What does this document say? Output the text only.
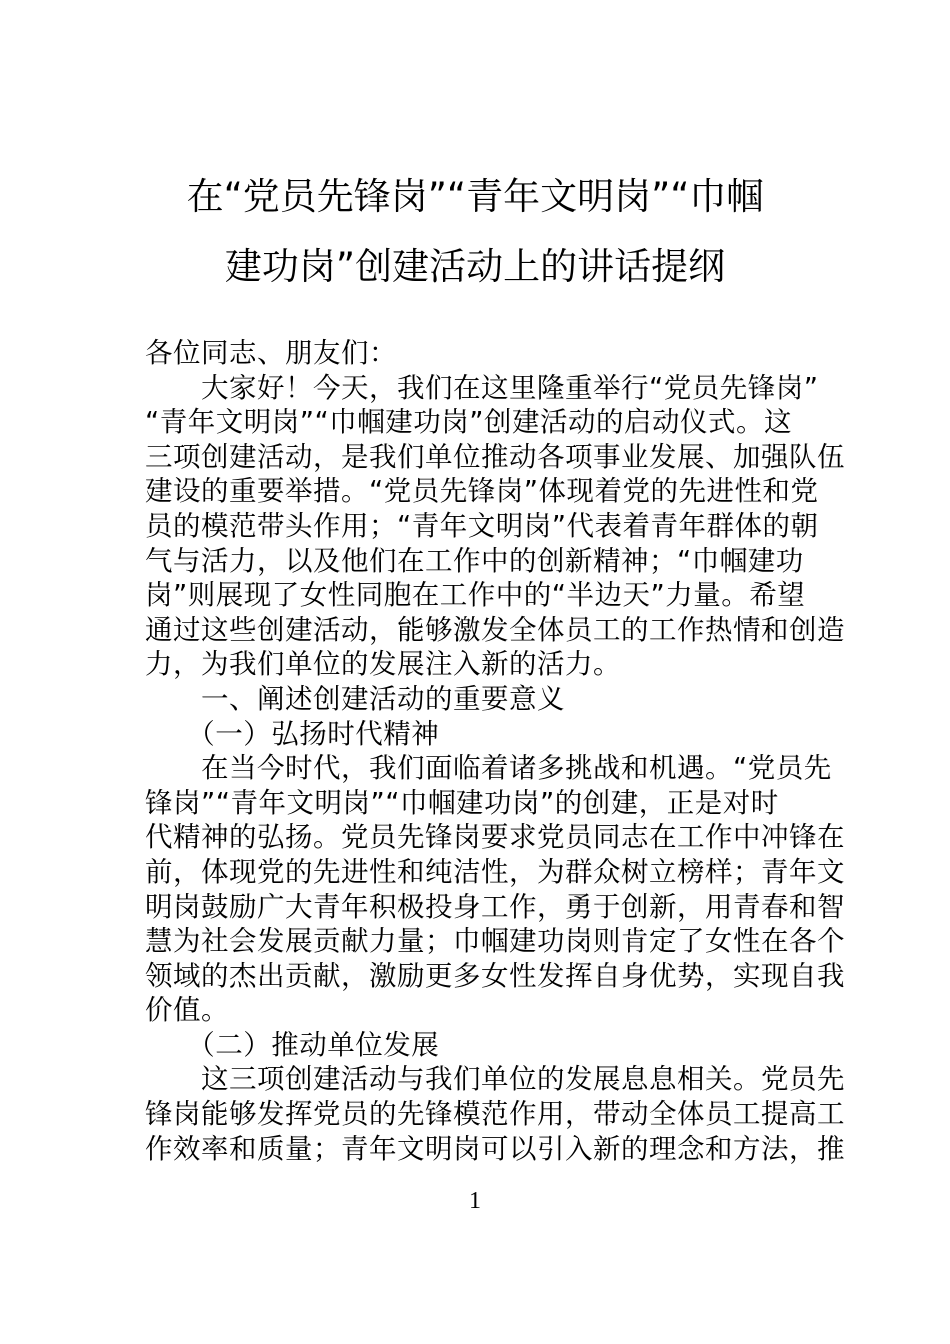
在“党员先锋岗”“青年文明岗”“巾帼
建功岗”创建活动上的讲话提纲
各位同志、朋友们：
　　大家好！今天，我们在这里隆重举行“党员先锋岗”
“青年文明岗”“巾帼建功岗”创建活动的启动仪式。这
三项创建活动，是我们单位推动各项事业发展、加强队伍
建设的重要举措。“党员先锋岗”体现着党的先进性和党
员的模范带头作用；“青年文明岗”代表着青年群体的朝
气与活力，以及他们在工作中的创新精神；“巾帼建功
岗”则展现了女性同胞在工作中的“半边天”力量。希望
通过这些创建活动，能够激发全体员工的工作热情和创造
力，为我们单位的发展注入新的活力。
　　一、阐述创建活动的重要意义
　　（一）弘扬时代精神
　　在当今时代，我们面临着诸多挑战和机遇。“党员先
锋岗”“青年文明岗”“巾帼建功岗”的创建，正是对时
代精神的弘扬。党员先锋岗要求党员同志在工作中冲锋在
前，体现党的先进性和纯洁性，为群众树立榜样；青年文
明岗鼓励广大青年积极投身工作，勇于创新，用青春和智
慧为社会发展贡献力量；巾帼建功岗则肯定了女性在各个
领域的杰出贡献，激励更多女性发挥自身优势，实现自我
价值。
　　（二）推动单位发展
　　这三项创建活动与我们单位的发展息息相关。党员先
锋岗能够发挥党员的先锋模范作用，带动全体员工提高工
作效率和质量；青年文明岗可以引入新的理念和方法，推
1
